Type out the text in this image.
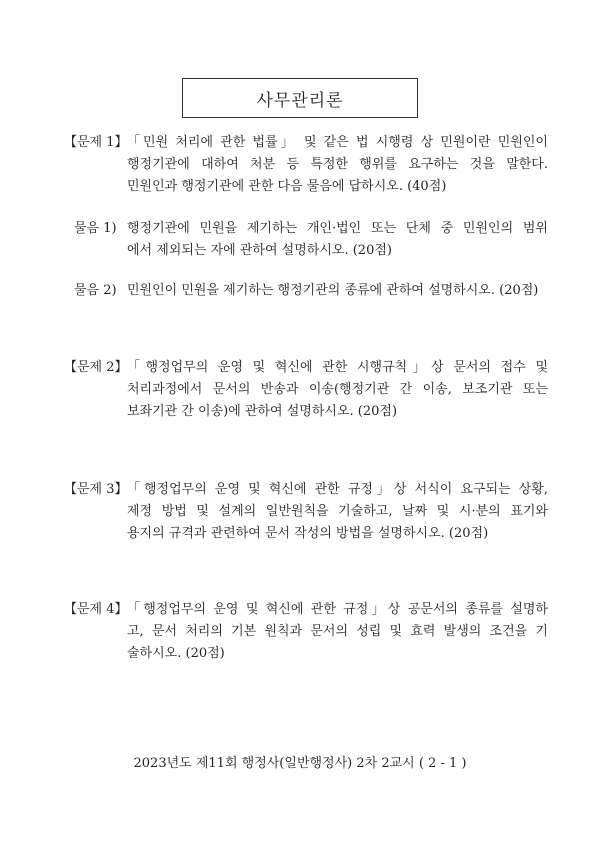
사무관리론
【문제 1】 「민원 처리에 관한 법률」 및 같은 법 시행령 상 민원이란 민원인이
행정기관에 대하여 처분 등 특정한 행위를 요구하는 것을 말한다.
민원인과 행정기관에 관한 다음 물음에 답하시오. (40점)
물음 1) 행정기관에 민원을 제기하는 개인·법인 또는 단체 중 민원인의 범위
에서 제외되는 자에 관하여 설명하시오. (20점)
물음 2) 민원인이 민원을 제기하는 행정기관의 종류에 관하여 설명하시오. (20점)
【문제 2】 「행정업무의 운영 및 혁신에 관한 시행규칙」상 문서의 접수 및
처리과정에서 문서의 반송과 이송(행정기관 간 이송, 보조기관 또는
보좌기관 간 이송)에 관하여 설명하시오. (20점)
【문제 3】 「행정업무의 운영 및 혁신에 관한 규정」상 서식이 요구되는 상황,
제정 방법 및 설계의 일반원칙을 기술하고, 날짜 및 시·분의 표기와
용지의 규격과 관련하여 문서 작성의 방법을 설명하시오. (20점)
【문제 4】 「행정업무의 운영 및 혁신에 관한 규정」상 공문서의 종류를 설명하
고, 문서 처리의 기본 원칙과 문서의 성립 및 효력 발생의 조건을 기
술하시오. (20점)
2023년도 제11회 행정사(일반행정사) 2차 2교시 ( 2 - 1 )
